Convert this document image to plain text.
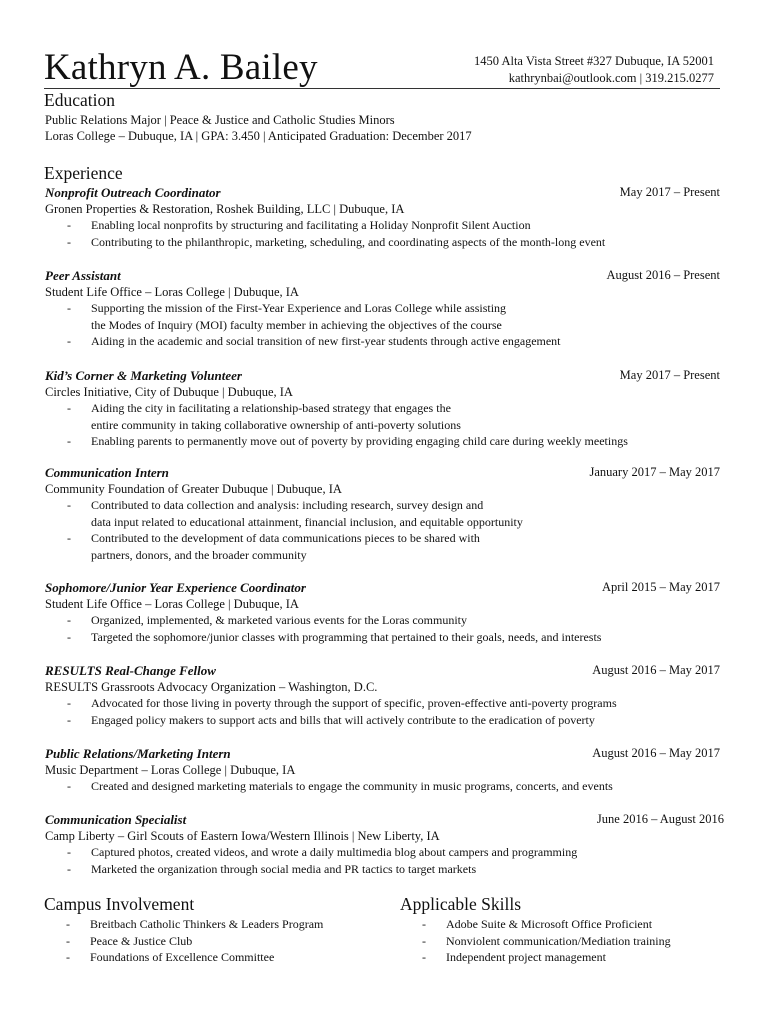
Kathryn A. Bailey	1450 Alta Vista Street #327 Dubuque, IA 52001
kathrynbai@outlook.com | 319.215.0277
Education
Public Relations Major | Peace & Justice and Catholic Studies Minors
Loras College – Dubuque, IA | GPA: 3.450 | Anticipated Graduation: December 2017
Experience
Nonprofit Outreach Coordinator	May 2017 – Present
Gronen Properties & Restoration, Roshek Building, LLC | Dubuque, IA
- Enabling local nonprofits by structuring and facilitating a Holiday Nonprofit Silent Auction
- Contributing to the philanthropic, marketing, scheduling, and coordinating aspects of the month-long event
Peer Assistant	August 2016 – Present
Student Life Office – Loras College | Dubuque, IA
- Supporting the mission of the First-Year Experience and Loras College while assisting
the Modes of Inquiry (MOI) faculty member in achieving the objectives of the course
- Aiding in the academic and social transition of new first-year students through active engagement
Kid’s Corner & Marketing Volunteer	May 2017 – Present
Circles Initiative, City of Dubuque | Dubuque, IA
- Aiding the city in facilitating a relationship-based strategy that engages the
entire community in taking collaborative ownership of anti-poverty solutions
- Enabling parents to permanently move out of poverty by providing engaging child care during weekly meetings
Communication Intern	January 2017 – May 2017
Community Foundation of Greater Dubuque | Dubuque, IA
- Contributed to data collection and analysis: including research, survey design and
data input related to educational attainment, financial inclusion, and equitable opportunity
- Contributed to the development of data communications pieces to be shared with
partners, donors, and the broader community
Sophomore/Junior Year Experience Coordinator	April 2015 – May 2017
Student Life Office – Loras College | Dubuque, IA
- Organized, implemented, & marketed various events for the Loras community
- Targeted the sophomore/junior classes with programming that pertained to their goals, needs, and interests
RESULTS Real-Change Fellow	August 2016 – May 2017
RESULTS Grassroots Advocacy Organization – Washington, D.C.
- Advocated for those living in poverty through the support of specific, proven-effective anti-poverty programs
- Engaged policy makers to support acts and bills that will actively contribute to the eradication of poverty
Public Relations/Marketing Intern	August 2016 – May 2017
Music Department – Loras College | Dubuque, IA
- Created and designed marketing materials to engage the community in music programs, concerts, and events
Communication Specialist	June 2016 – August 2016
Camp Liberty – Girl Scouts of Eastern Iowa/Western Illinois | New Liberty, IA
- Captured photos, created videos, and wrote a daily multimedia blog about campers and programming
- Marketed the organization through social media and PR tactics to target markets
Campus Involvement
- Breitbach Catholic Thinkers & Leaders Program
- Peace & Justice Club
- Foundations of Excellence Committee
Applicable Skills
- Adobe Suite & Microsoft Office Proficient
- Nonviolent communication/Mediation training
- Independent project management
